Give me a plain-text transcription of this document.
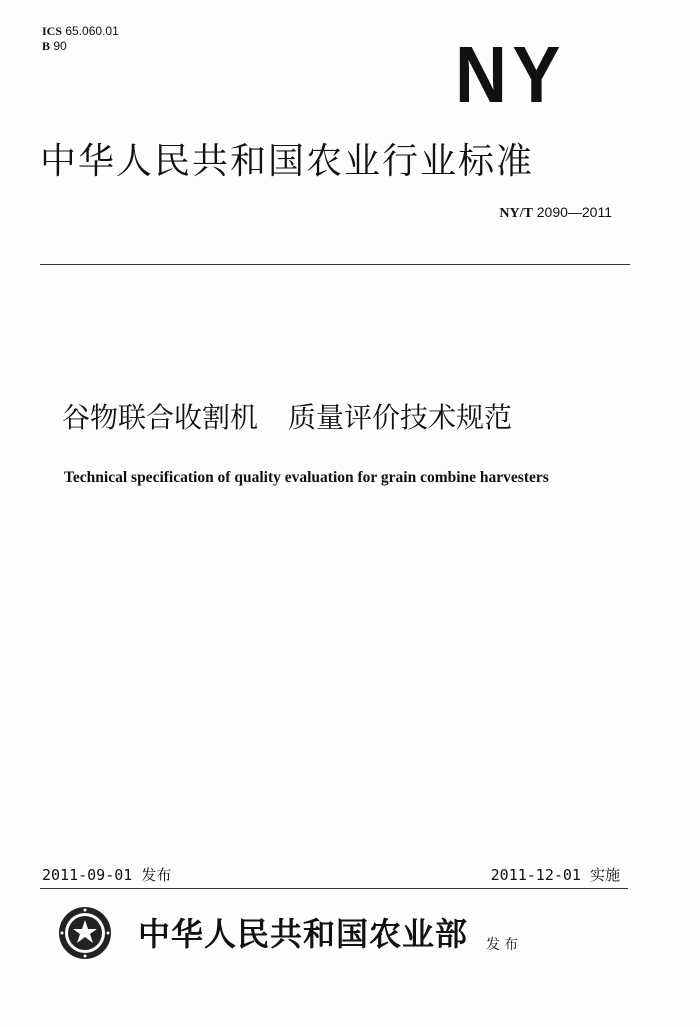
ICS 65.060.01
B 90	NY
中华人民共和国农业行业标准
NY/T 2090—2011
谷物联合收割机 质量评价技术规范
Technical specification of quality evaluation for grain combine harvesters
2011-09-01 发布	2011-12-01 实施
中华人民共和国农业部 发布
